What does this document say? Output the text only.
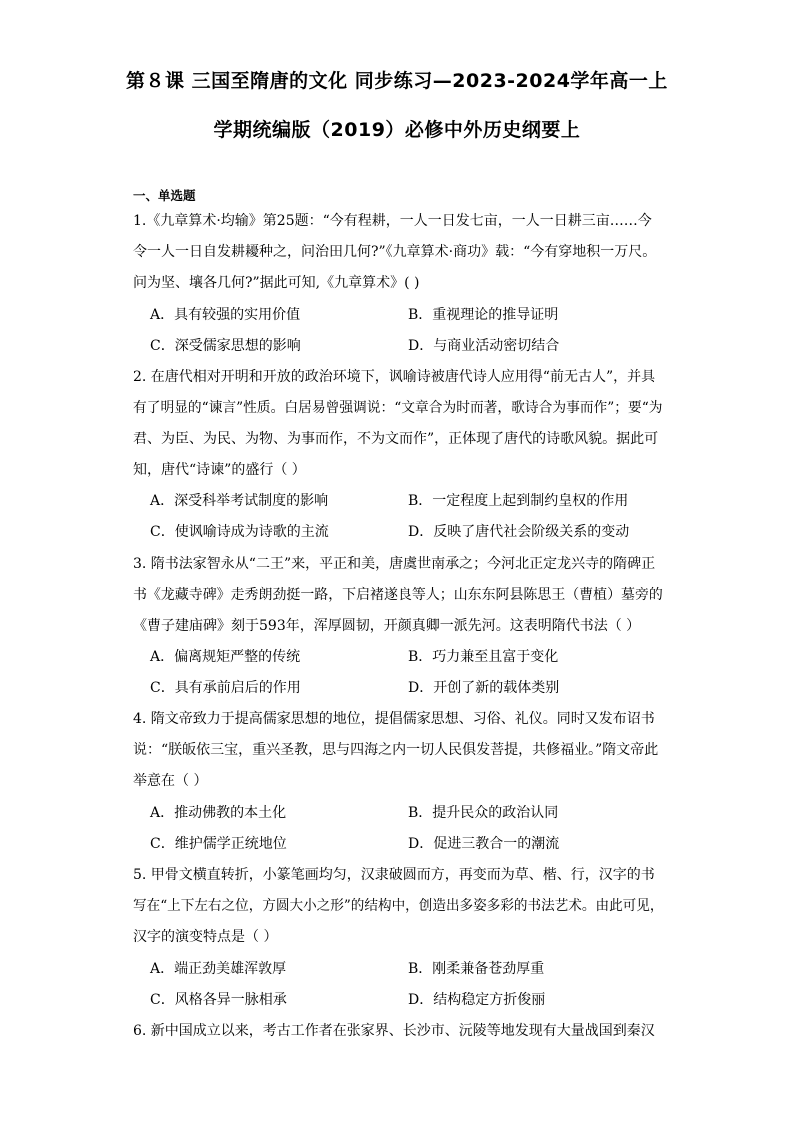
第８课 三国至隋唐的文化 同步练习—2023-2024学年高一上
学期统编版（2019）必修中外历史纲要上
一、单选题
1.《九章算术·均输》第25题：“今有程耕，一人一日发七亩，一人一日耕三亩……今
令一人一日自发耕耰种之，问治田几何?”《九章算术·商功》载：“今有穿地积一万尺。
问为坚、壤各几何?”据此可知,《九章算术》( )
A．具有较强的实用价值	B．重视理论的推导证明
C．深受儒家思想的影响	D．与商业活动密切结合
2. 在唐代相对开明和开放的政治环境下，讽喻诗被唐代诗人应用得“前无古人”，并具
有了明显的“谏言”性质。白居易曾强调说：“文章合为时而著，歌诗合为事而作”；要“为
君、为臣、为民、为物、为事而作，不为文而作”，正体现了唐代的诗歌风貌。据此可
知，唐代“诗谏”的盛行（ ）
A．深受科举考试制度的影响	B．一定程度上起到制约皇权的作用
C．使讽喻诗成为诗歌的主流	D．反映了唐代社会阶级关系的变动
3. 隋书法家智永从“二王”来，平正和美，唐虞世南承之；今河北正定龙兴寺的隋碑正
书《龙藏寺碑》走秀朗劲挺一路，下启褚遂良等人；山东东阿县陈思王（曹植）墓旁的
《曹子建庙碑》刻于593年，浑厚圆韧，开颜真卿一派先河。这表明隋代书法（ ）
A．偏离规矩严整的传统	B．巧力兼至且富于变化
C．具有承前启后的作用	D．开创了新的载体类别
4. 隋文帝致力于提高儒家思想的地位，提倡儒家思想、习俗、礼仪。同时又发布诏书
说：“朕皈依三宝，重兴圣教，思与四海之内一切人民俱发菩提，共修福业。”隋文帝此
举意在（ ）
A．推动佛教的本土化	B．提升民众的政治认同
C．维护儒学正统地位	D．促进三教合一的潮流
5. 甲骨文横直转折，小篆笔画均匀，汉隶破圆而方，再变而为草、楷、行，汉字的书
写在“上下左右之位，方圆大小之形”的结构中，创造出多姿多彩的书法艺术。由此可见，
汉字的演变特点是（ ）
A．端正劲美雄浑敦厚	B．刚柔兼备苍劲厚重
C．风格各异一脉相承	D．结构稳定方折俊丽
6. 新中国成立以来，考古工作者在张家界、长沙市、沅陵等地发现有大量战国到秦汉
